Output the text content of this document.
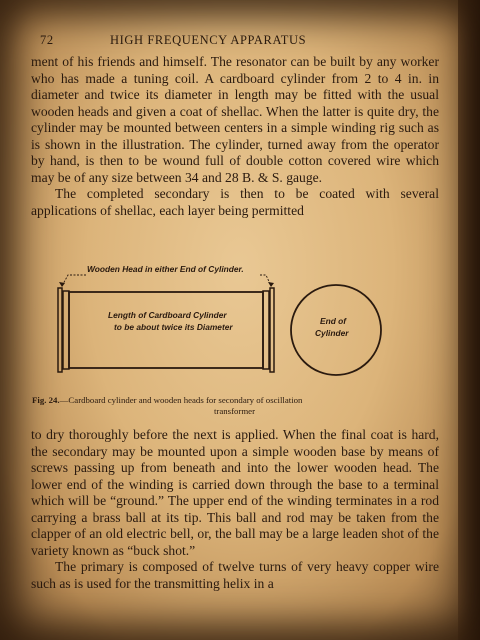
72	HIGH FREQUENCY APPARATUS

ment of his friends and himself. The resonator can be built by any worker who has made a tuning coil. A cardboard cylinder from 2 to 4 in. in diameter and twice its diameter in length may be fitted with the usual wooden heads and given a coat of shellac. When the latter is quite dry, the cylinder may be mounted between centers in a simple winding rig such as is shown in the illustration. The cylinder, turned away from the operator by hand, is then to be wound full of double cotton covered wire which may be of any size between 34 and 28 B. & S. gauge.

The completed secondary is then to be coated with several applications of shellac, each layer being permitted

Wooden Head in either End of Cylinder.
Length of Cardboard Cylinder
to be about twice its Diameter
End of
Cylinder
Fig. 24.—Cardboard cylinder and wooden heads for secondary of oscillation
transformer

to dry thoroughly before the next is applied. When the final coat is hard, the secondary may be mounted upon a simple wooden base by means of screws passing up from beneath and into the lower wooden head. The lower end of the winding is carried down through the base to a terminal which will be “ground.” The upper end of the winding terminates in a rod carrying a brass ball at its tip. This ball and rod may be taken from the clapper of an old electric bell, or, the ball may be a large leaden shot of the variety known as “buck shot.”

The primary is composed of twelve turns of very heavy copper wire such as is used for the transmitting helix in a
